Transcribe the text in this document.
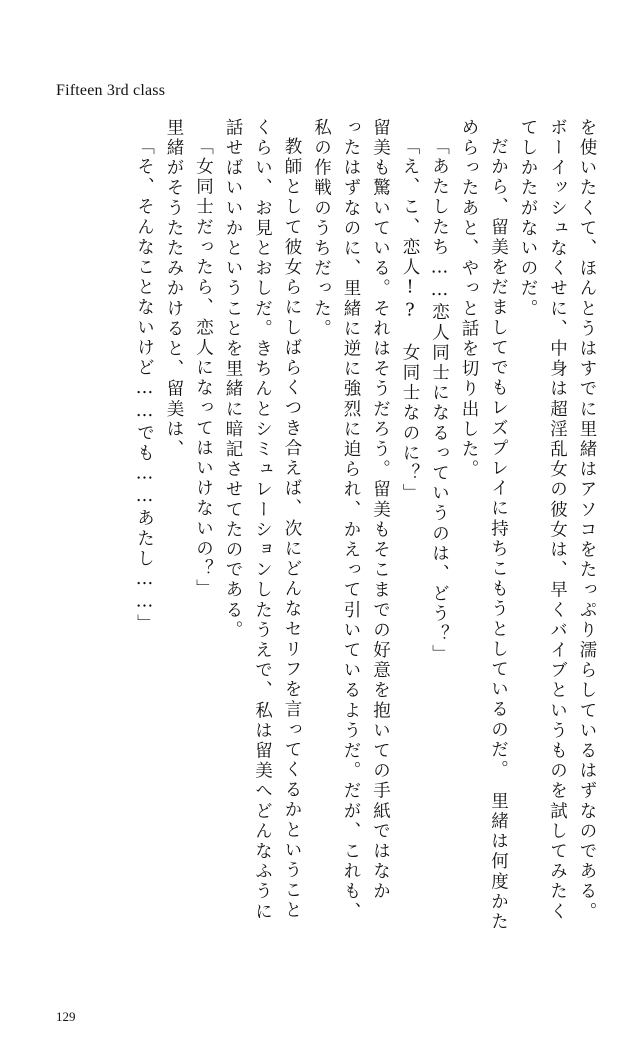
Fifteen 3rd class
を使いたくて、ほんとうはすでに里緒はアソコをたっぷり濡らしているはずなのである。
ボーイッシュなくせに、中身は超淫乱女の彼女は、早くバイブというものを試してみたく
てしかたがないのだ。
だから、留美をだましてでもレズプレイに持ちこもうとしているのだ。　里緒は何度かた
めらったあと、やっと話を切り出した。
「あたしたち……恋人同士になるっていうのは、どう？」
「え、こ、恋人!?　女同士なのに？」
留美も驚いている。それはそうだろう。留美もそこまでの好意を抱いての手紙ではなか
ったはずなのに、里緒に逆に強烈に迫られ、かえって引いているようだ。だが、これも、
私の作戦のうちだった。
教師として彼女らにしばらくつき合えば、次にどんなセリフを言ってくるかということ
くらい、お見とおしだ。きちんとシミュレーションしたうえで、私は留美へどんなふうに
話せばいいかということを里緒に暗記させてたのである。
「女同士だったら、恋人になってはいけないの？」
里緒がそうたたみかけると、留美は、
「そ、そんなことないけど……でも……あたし……」
129
